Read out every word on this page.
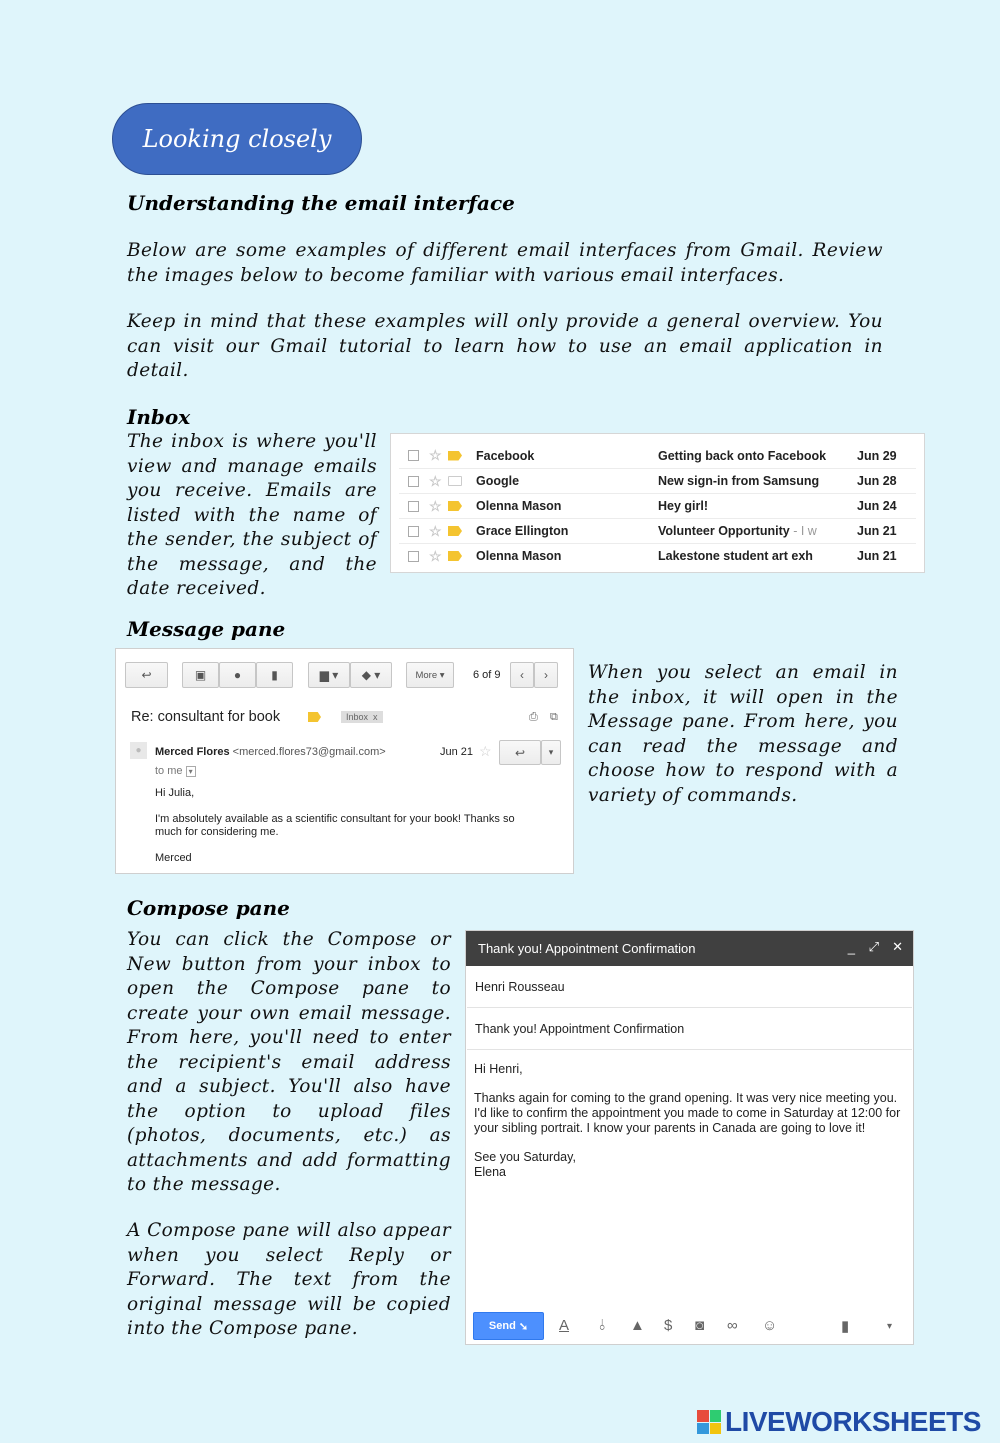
Looking closely
Understanding the email interface
Below are some examples of different email interfaces from Gmail. Review the images below to become familiar with various email interfaces.
Keep in mind that these examples will only provide a general overview. You can visit our Gmail tutorial to learn how to use an email application in detail.
Inbox
The inbox is where you'll view and manage emails you receive. Emails are listed with the name of the sender, the subject of the message, and the date received.
☆	Facebook	Getting back onto Facebook Jun 29
☆	Google	New sign-in from Samsung	Jun 28
☆	Olenna Mason	Hey girl!	Jun 24
☆	Grace Ellington	Volunteer Opportunity - I w	Jun 21
☆	Olenna Mason	Lakestone student art exh	Jun 21
Message pane
When you select an email in the inbox, it will open in the Message pane. From here, you can read the message and choose how to respond with a variety of commands.
↩	▣	●	▮	▆ ▾	◆ ▾	More ▾	6 of 9	‹	›
Re: consultant for book	Inbox x	⎙ ⧉
●	Merced Flores <merced.flores73@gmail.com>	Jun 21 ☆	↩	▾
to me ▾
Hi Julia,
I'm absolutely available as a scientific consultant for your book! Thanks so much for considering me.
Merced
Compose pane
You can click the Compose or New button from your inbox to open the Compose pane to create your own email message. From here, you'll need to enter the recipient's email address and a subject. You'll also have the option to upload files (photos, documents, etc.) as attachments and add formatting to the message.
A Compose pane will also appear when you select Reply or Forward. The text from the original message will be copied into the Compose pane.
Thank you! Appointment Confirmation	_ ⤢ ✕
Henri Rousseau
Thank you! Appointment Confirmation

Hi Henri,

Thanks again for coming to the grand opening. It was very nice meeting you. I'd like to confirm the appointment you made to come in Saturday at 12:00 for your sibling portrait. I know your parents in Canada are going to love it!

See you Saturday,

Elena

Send ➘	A ⫰ ▲ $ ◙ ∞ ☺	▮	▾
LIVEWORKSHEETS
